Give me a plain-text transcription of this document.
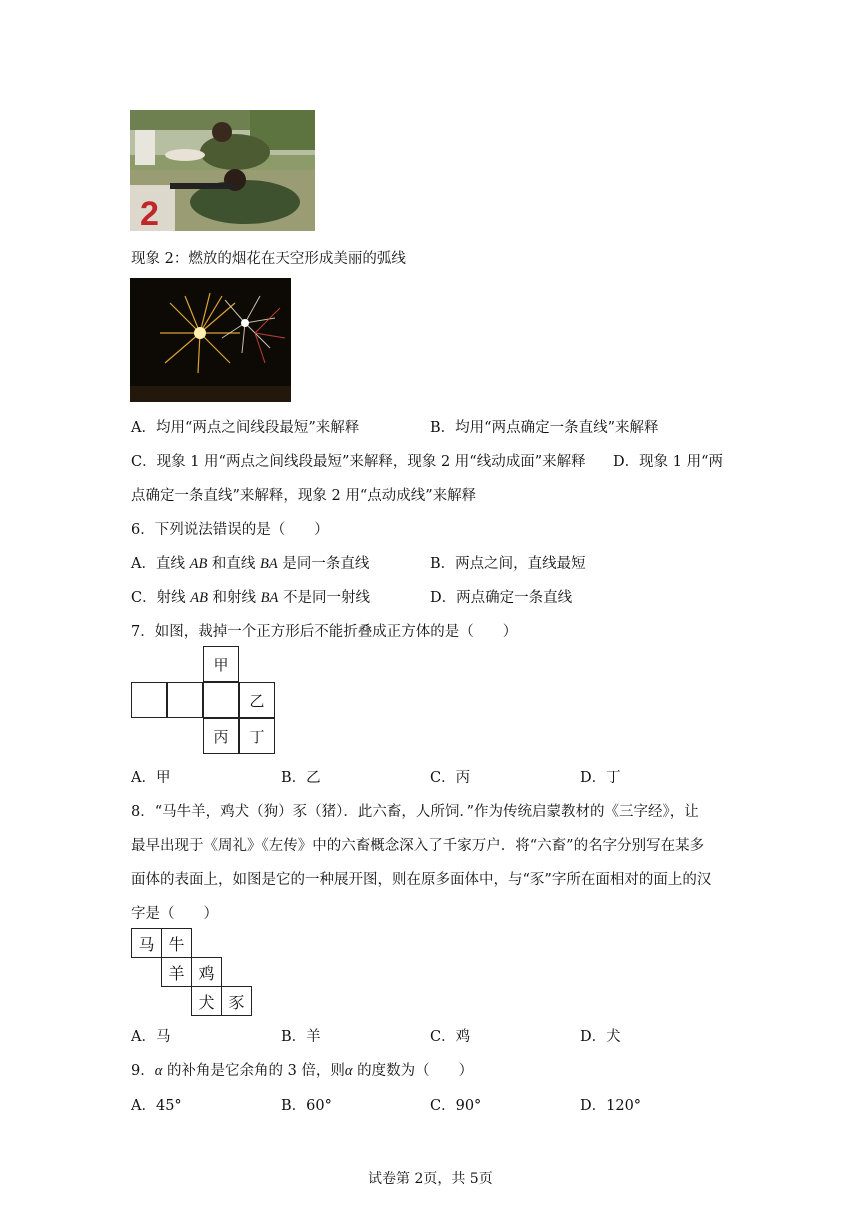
2
现象 2：燃放的烟花在天空形成美丽的弧线
A．均用“两点之间线段最短”来解释	B．均用“两点确定一条直线”来解释
C．现象 1 用“两点之间线段最短”来解释，现象 2 用“线动成面”来解释 D．现象 1 用“两
点确定一条直线”来解释，现象 2 用“点动成线”来解释
6．下列说法错误的是（　　）
A．直线 AB 和直线 BA 是同一条直线	B．两点之间，直线最短
C．射线 AB 和射线 BA 不是同一射线	D．两点确定一条直线
7．如图，裁掉一个正方形后不能折叠成正方体的是（　　）
甲
乙
丙	丁
A．甲	B．乙	C．丙	D．丁
8．“马牛羊，鸡犬（狗）豕（猪）．此六畜，人所饲．”作为传统启蒙教材的《三字经》，让
最早出现于《周礼》《左传》中的六畜概念深入了千家万户．将“六畜”的名字分别写在某多
面体的表面上，如图是它的一种展开图，则在原多面体中，与“豕”字所在面相对的面上的汉
字是（　　）
马 牛
羊 鸡
犬 豕
A．马	B．羊	C．鸡	D．犬
9．α 的补角是它余角的 3 倍，则α 的度数为（　　）
A．45°	B．60°	C．90°	D．120°
试卷第 2页，共 5页
